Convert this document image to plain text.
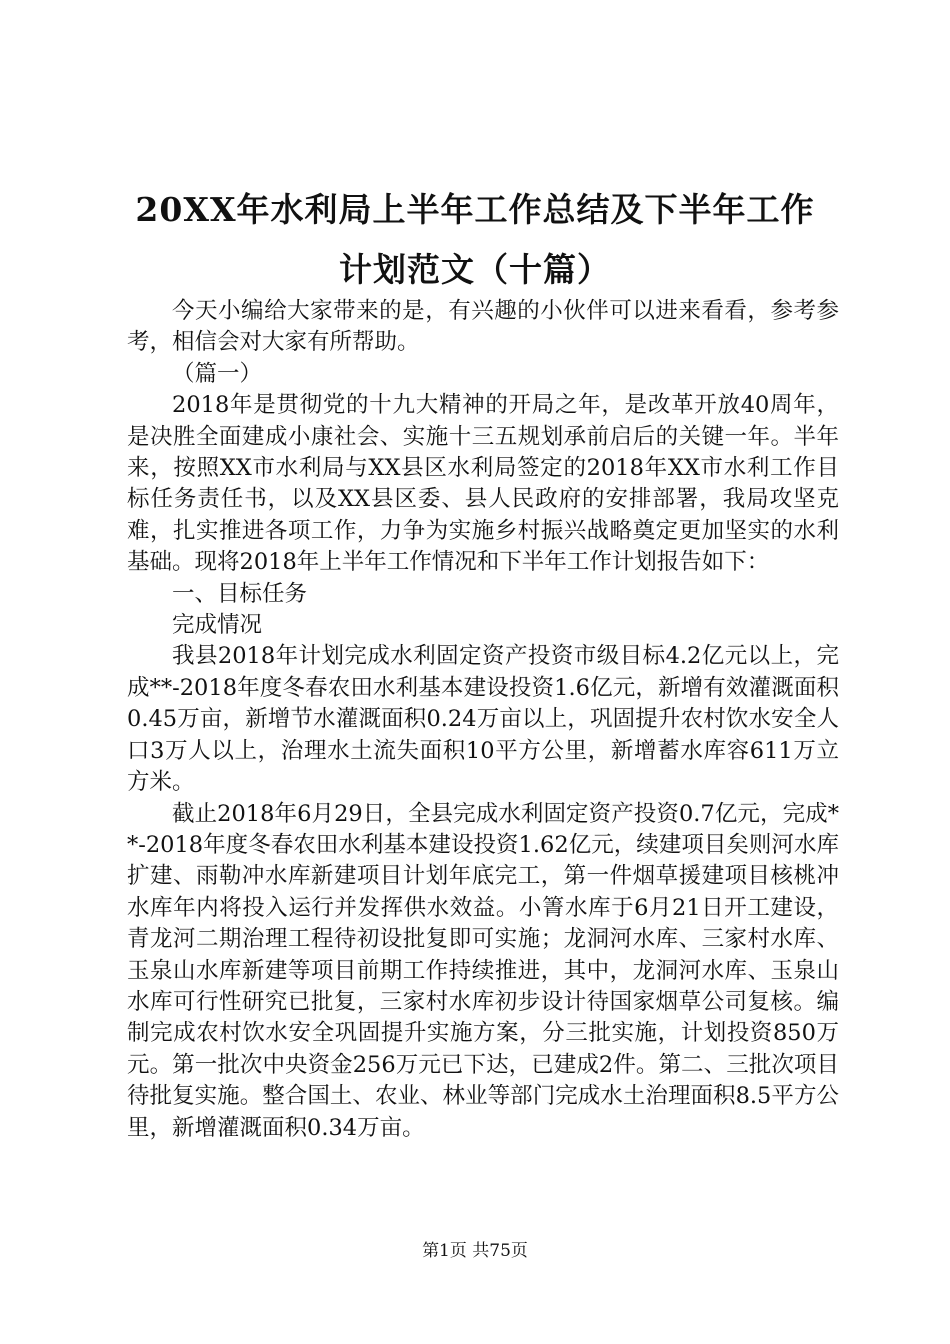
20XX年水利局上半年工作总结及下半年工作
计划范文（十篇）

今天小编给大家带来的是，有兴趣的小伙伴可以进来看看，参考参考，相信会对大家有所帮助。

（篇一）

2018年是贯彻党的十九大精神的开局之年，是改革开放40周年，是决胜全面建成小康社会、实施十三五规划承前启后的关键一年。半年来，按照XX市水利局与XX县区水利局签定的2018年XX市水利工作目标任务责任书，以及XX县区委、县人民政府的安排部署，我局攻坚克难，扎实推进各项工作，力争为实施乡村振兴战略奠定更加坚实的水利基础。现将2018年上半年工作情况和下半年工作计划报告如下：

一、目标任务

完成情况

我县2018年计划完成水利固定资产投资市级目标4.2亿元以上，完成**-2018年度冬春农田水利基本建设投资1.6亿元，新增有效灌溉面积0.45万亩，新增节水灌溉面积0.24万亩以上，巩固提升农村饮水安全人口3万人以上，治理水土流失面积10平方公里，新增蓄水库容611万立方米。

截止2018年6月29日，全县完成水利固定资产投资0.7亿元，完成**-2018年度冬春农田水利基本建设投资1.62亿元，续建项目矣则河水库扩建、雨勒冲水库新建项目计划年底完工，第一件烟草援建项目核桃冲水库年内将投入运行并发挥供水效益。小箐水库于6月21日开工建设，青龙河二期治理工程待初设批复即可实施；龙洞河水库、三家村水库、玉泉山水库新建等项目前期工作持续推进，其中，龙洞河水库、玉泉山水库可行性研究已批复，三家村水库初步设计待国家烟草公司复核。编制完成农村饮水安全巩固提升实施方案，分三批实施，计划投资850万元。第一批次中央资金256万元已下达，已建成2件。第二、三批次项目待批复实施。整合国土、农业、林业等部门完成水土治理面积8.5平方公里，新增灌溉面积0.34万亩。

第1页 共75页
